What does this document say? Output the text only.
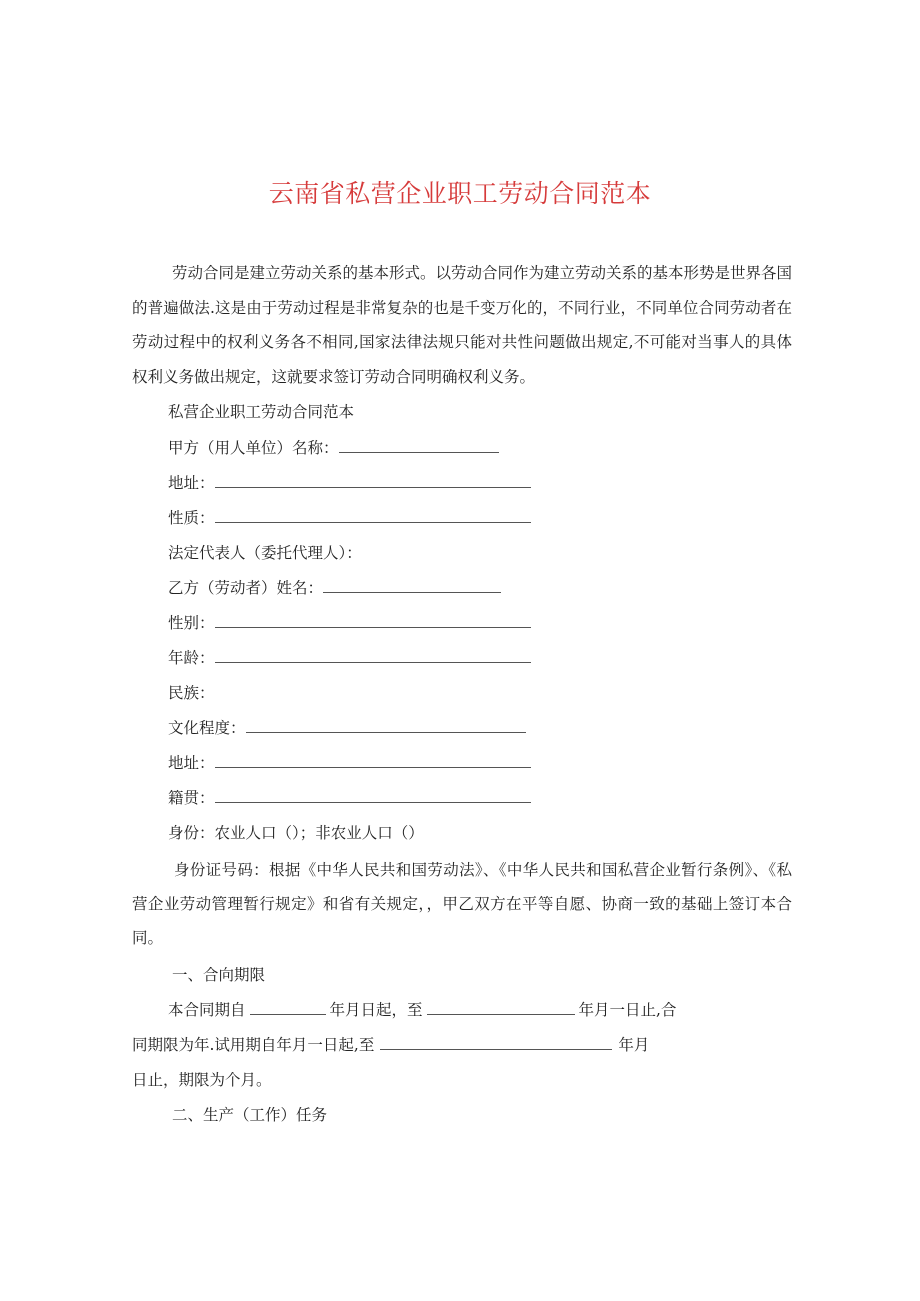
云南省私营企业职工劳动合同范本

劳动合同是建立劳动关系的基本形式。以劳动合同作为建立劳动关系的基本形势是世界各国的普遍做法.这是由于劳动过程是非常复杂的也是千变万化的，不同行业，不同单位合同劳动者在劳动过程中的权利义务各不相同,国家法律法规只能对共性问题做出规定,不可能对当事人的具体权利义务做出规定，这就要求签订劳动合同明确权利义务。

私营企业职工劳动合同范本
甲方（用人单位）名称：
地址：
性质：
法定代表人（委托代理人）：
乙方（劳动者）姓名：
性别：
年龄：
民族：
文化程度：
地址：
籍贯：
身份：农业人口（）；非农业人口（）

身份证号码：根据《中华人民共和国劳动法》、《中华人民共和国私营企业暂行条例》、《私营企业劳动管理暂行规定》和省有关规定，，甲乙双方在平等自愿、协商一致的基础上签订本合同。

一、合向期限
本合同期自	年月日起，至	年月一日止,合
同期限为年.试用期自年月一日起,至	年月
日止，期限为个月。
二、生产（工作）任务
